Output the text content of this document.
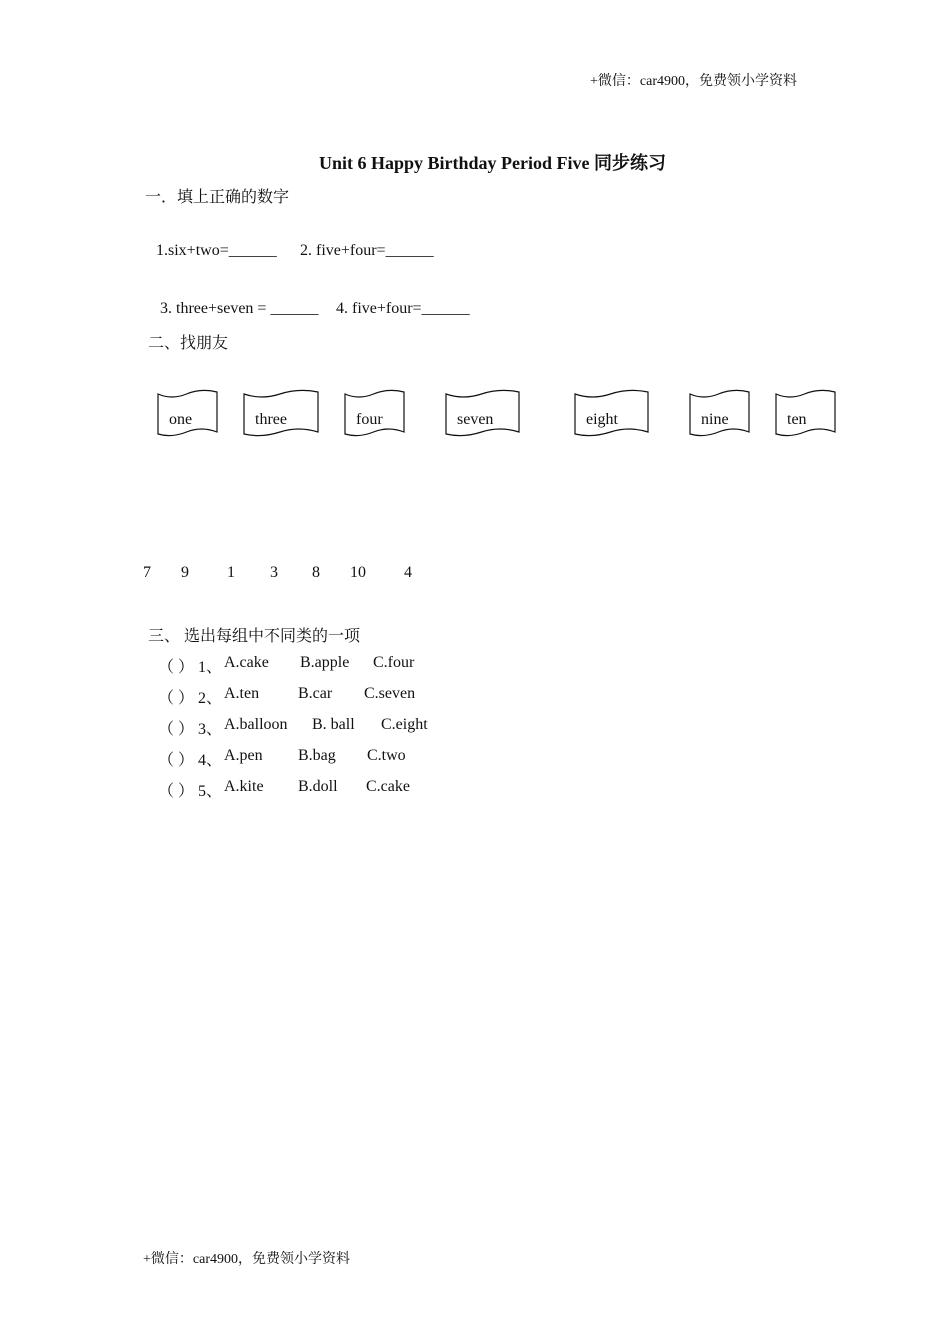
+微信：car4900，免费领小学资料
Unit 6 Happy Birthday Period Five 同步练习
一．填上正确的数字
1.six+two=______ 2. five+four=______
3. three+seven = ______ 4. five+four=______
二、找朋友
one	three	four	seven	eight	nine	ten
7 9 1 3 8 10 4
三、 选出每组中不同类的一项
（ ） 1、 A.cake B.apple C.four
（ ） 2、 A.ten B.car C.seven
（ ） 3、 A.balloon B. ball C.eight
（ ） 4、 A.pen B.bag C.two
（ ） 5、 A.kite B.doll C.cake
+微信：car4900，免费领小学资料
